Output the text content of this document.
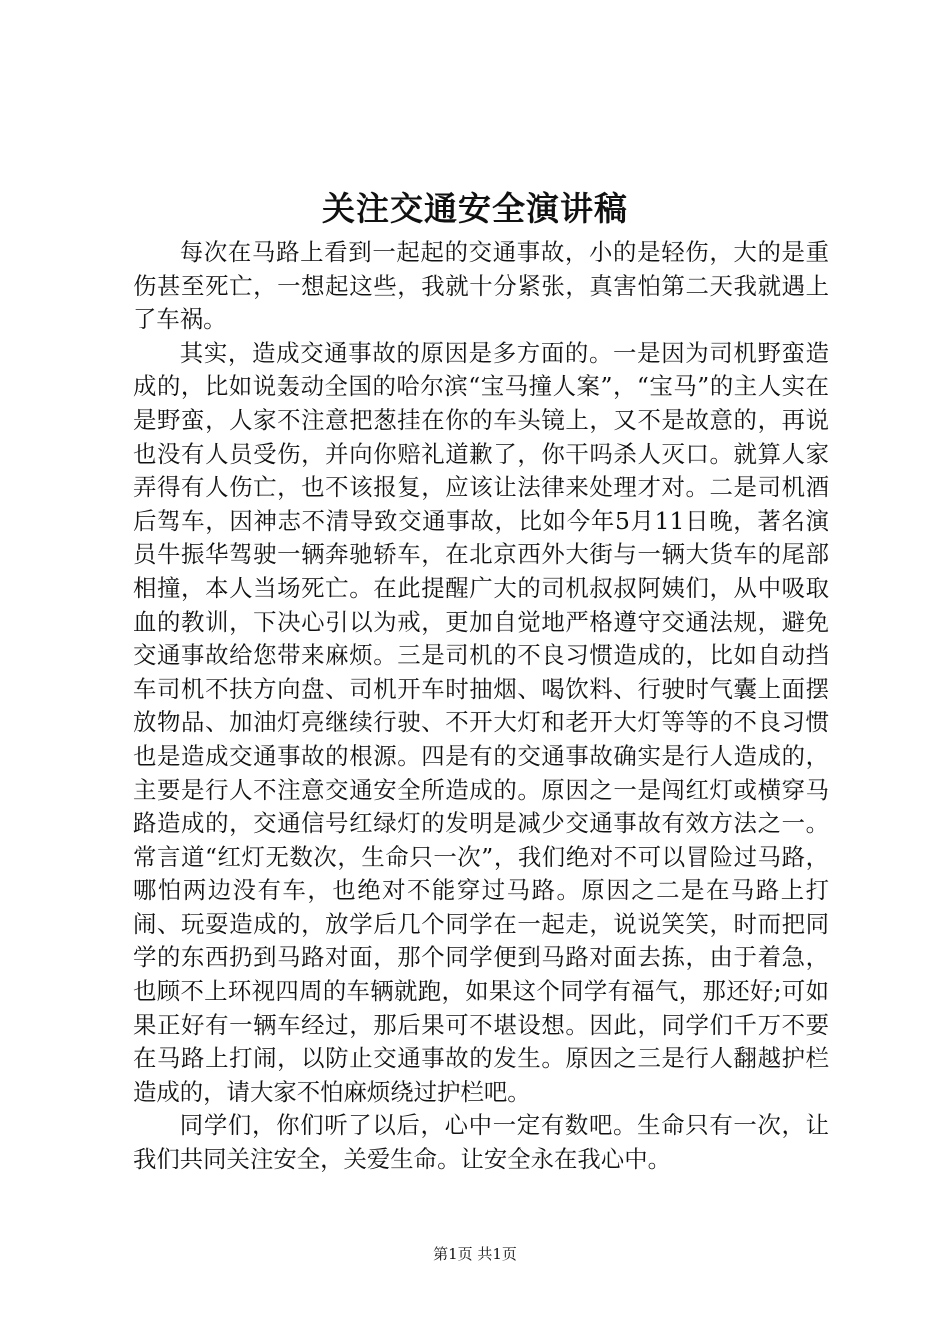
关注交通安全演讲稿

每次在马路上看到一起起的交通事故，小的是轻伤，大的是重伤甚至死亡，一想起这些，我就十分紧张，真害怕第二天我就遇上了车祸。

其实，造成交通事故的原因是多方面的。一是因为司机野蛮造成的，比如说轰动全国的哈尔滨“宝马撞人案”，“宝马”的主人实在是野蛮，人家不注意把葱挂在你的车头镜上，又不是故意的，再说也没有人员受伤，并向你赔礼道歉了，你干吗杀人灭口。就算人家弄得有人伤亡，也不该报复，应该让法律来处理才对。二是司机酒后驾车，因神志不清导致交通事故，比如今年5月11日晚，著名演员牛振华驾驶一辆奔驰轿车，在北京西外大街与一辆大货车的尾部相撞，本人当场死亡。在此提醒广大的司机叔叔阿姨们，从中吸取血的教训，下决心引以为戒，更加自觉地严格遵守交通法规，避免交通事故给您带来麻烦。三是司机的不良习惯造成的，比如自动挡车司机不扶方向盘、司机开车时抽烟、喝饮料、行驶时气囊上面摆放物品、加油灯亮继续行驶、不开大灯和老开大灯等等的不良习惯也是造成交通事故的根源。四是有的交通事故确实是行人造成的，主要是行人不注意交通安全所造成的。原因之一是闯红灯或横穿马路造成的，交通信号红绿灯的发明是减少交通事故有效方法之一。常言道“红灯无数次，生命只一次”，我们绝对不可以冒险过马路，哪怕两边没有车，也绝对不能穿过马路。原因之二是在马路上打闹、玩耍造成的，放学后几个同学在一起走，说说笑笑，时而把同学的东西扔到马路对面，那个同学便到马路对面去拣，由于着急，也顾不上环视四周的车辆就跑，如果这个同学有福气，那还好;可如果正好有一辆车经过，那后果可不堪设想。因此，同学们千万不要在马路上打闹，以防止交通事故的发生。原因之三是行人翻越护栏造成的，请大家不怕麻烦绕过护栏吧。

同学们，你们听了以后，心中一定有数吧。生命只有一次，让我们共同关注安全，关爱生命。让安全永在我心中。

第1页 共1页
